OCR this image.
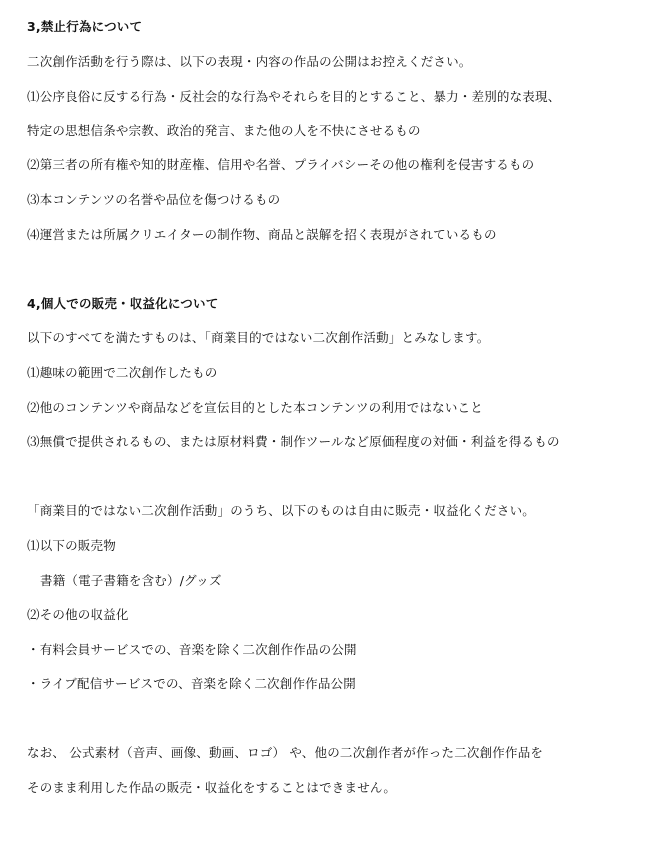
3,禁止行為について
二次創作活動を行う際は、以下の表現・内容の作品の公開はお控えください。
⑴公序良俗に反する行為・反社会的な行為やそれらを目的とすること、暴力・差別的な表現、
特定の思想信条や宗教、政治的発言、また他の人を不快にさせるもの
⑵第三者の所有権や知的財産権、信用や名誉、プライバシーその他の権利を侵害するもの
⑶本コンテンツの名誉や品位を傷つけるもの
⑷運営または所属クリエイターの制作物、商品と誤解を招く表現がされているもの
4,個人での販売・収益化について
以下のすべてを満たすものは、「商業目的ではない二次創作活動」とみなします。
⑴趣味の範囲で二次創作したもの
⑵他のコンテンツや商品などを宣伝目的とした本コンテンツの利用ではないこと
⑶無償で提供されるもの、または原材料費・制作ツールなど原価程度の対価・利益を得るもの
「商業目的ではない二次創作活動」のうち、以下のものは自由に販売・収益化ください。
⑴以下の販売物
書籍（電子書籍を含む）/グッズ
⑵その他の収益化
・有料会員サービスでの、音楽を除く二次創作作品の公開
・ライブ配信サービスでの、音楽を除く二次創作作品公開
なお、 公式素材（音声、画像、動画、ロゴ） や、他の二次創作者が作った二次創作作品を
そのまま利用した作品の販売・収益化をすることはできません。
